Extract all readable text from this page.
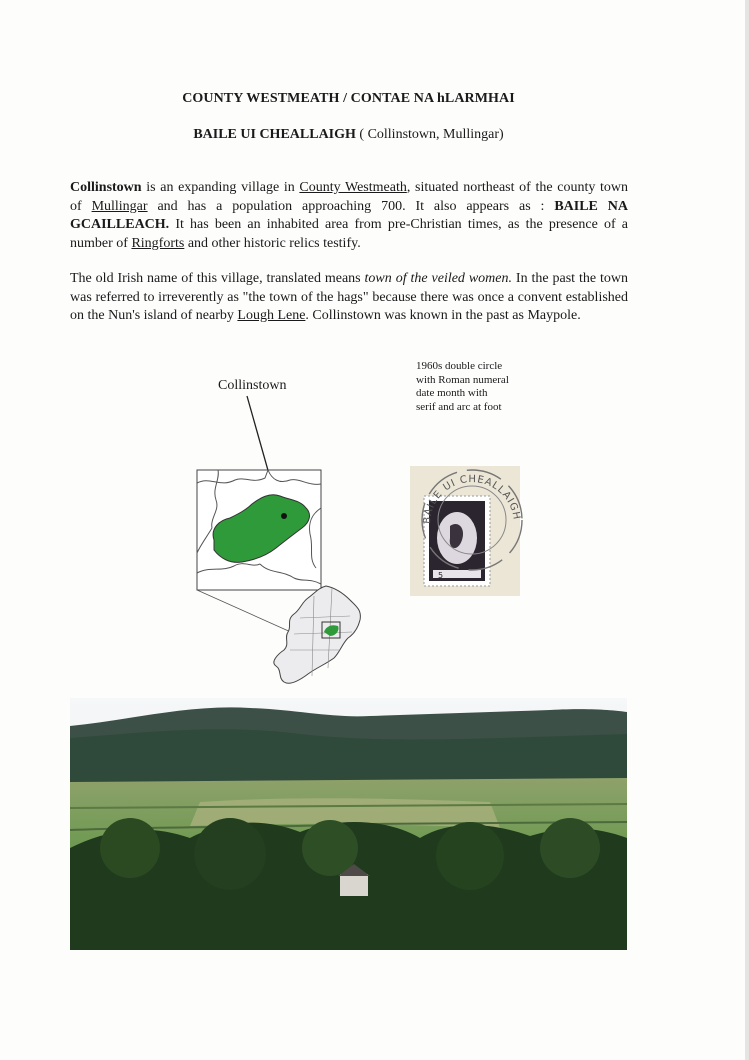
COUNTY WESTMEATH / CONTAE NA hLARMHAI
BAILE UI CHEALLAIGH ( Collinstown, Mullingar)
Collinstown is an expanding village in County Westmeath, situated northeast of the county town of Mullingar and has a population approaching 700. It also appears as : BAILE NA GCAILLEACH. It has been an inhabited area from pre-Christian times, as the presence of a number of Ringforts and other historic relics testify.
The old Irish name of this village, translated means town of the veiled women. In the past the town was referred to irreverently as "the town of the hags" because there was once a convent established on the Nun's island of nearby Lough Lene. Collinstown was known in the past as Maypole.
Collinstown
1960s double circle
with Roman numeral
date month with
serif and arc at foot
5
BAILE UI CHEALLAIGH
